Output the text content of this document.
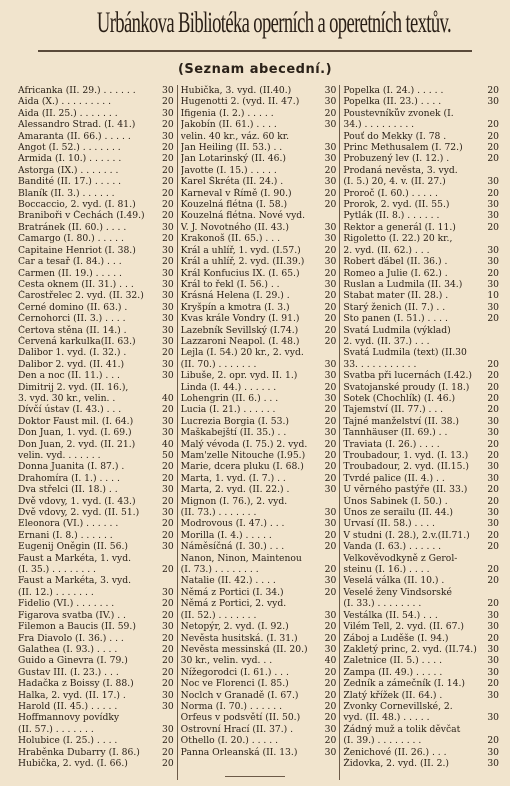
Urbánkova Bibliotéka operních a operetních textův.
(Seznam abecední.)
Africanka (II. 29.) . . . . . .	30
Aida (X.) . . . . . . . . .	20
Aida (II. 25.) . . . . . . .	30
Alessandro Strad. (I. 41.)	20
Amaranta (II. 66.) . . . . .	30
Angot (I. 52.) . . . . . . .	20
Armida (I. 10.) . . . . . .	20
Astorga (IX.) . . . . . . .	20
Bandité (II. 17.) . . . . .	20
Blaník (II. 3.) . . . . . .	20
Boccaccio, 2. vyd. (I. 81.)	20
Braniboři v Čechách (I.49.)	20
Bratránek (II. 60.) . . . .	30
Camargo (I. 80.) . . . . .	20
Capitaine Henriot (I. 38.)	30
Car a tesař (I. 84.) . . .	20
Carmen (II. 19.) . . . . .	30
Cesta oknem (II. 31.) . . .	30
Čarostřelec 2. vyd. (II. 32.)	30
Černé domino (II. 63.) .	30
Černohorci (II. 3.) . . . .	30
Čertova stěna (II. 14.) .	30
Červená karkulka(II. 63.)	30
Dalibor 1. vyd. (I. 32.) .	20
Dalibor 2. vyd. (II. 41.)	30
Den a noc (II. 11.) . . .	30
Dimitrij 2. vyd. (II. 16.),
3. vyd. 30 kr., velin. .	40
Dívčí ústav (I. 43.) . . .	20
Doktor Faust mil. (I. 64.)	30
Don Juan, 1. vyd. (I. 69.)	30
Don Juan, 2. vyd. (II. 21.)	40
velin. vyd. . . . . . .	50
Donna Juanita (I. 87.) .	20
Drahomíra (I. 1.) . . . .	20
Dva střelci (II. 18.) . .	30
Dvě vdovy, 1. vyd. (I. 43.)	20
Dvě vdovy, 2. vyd. (II. 51.)	30
Eleonora (VI.) . . . . . .	20
Ernani (I. 8.) . . . . . .	20
Eugenij Oněgin (II. 56.)	30
Faust a Markéta, 1. vyd.
(I. 35.) . . . . . . . .	20
Faust a Markéta, 3. vyd.
(II. 12.) . . . . . . .	30
Fidelio (VI.) . . . . . . .	20
Figarova svatba (IV.) . .	20
Filemon a Baucis (II. 59.)	30
Fra Diavolo (I. 36.) . . .	20
Galathea (I. 93.) . . . .	20
Guido a Ginevra (I. 79.)	20
Gustav III. (I. 23.) . . .	20
Hadačka z Boissy (I. 88.)	20
Halka, 2. vyd. (II. 17.) .	30
Harold (II. 45.) . . . . .	30
Hoffmannovy povídky
(II. 57.) . . . . . . .	30
Holubice (I. 25.) . . . .	20
Hraběnka Dubarry (I. 86.)	20
Hubička, 2. vyd. (I. 66.)	20
Hubička, 3. vyd. (II.40.)	30
Hugenotti 2. (vyd. II. 47.)	30
Ifigenia (I. 2.) . . . . .	20
Jakobín (II. 61.) . . . .	30
velin. 40 kr., váz. 60 kr.
Jan Heiling (II. 53.) . .	30
Jan Lotarinský (II. 46.)	30
Javotte (I. 15.) . . . . .	20
Karel Škréta (II. 24.) .	30
Karneval v Římě (I. 90.)	20
Kouzelná flétna (I. 58.)	20
Kouzelná flétna. Nové vyd.
V. J. Novotného (II. 43.)	30
Krakonoš (II. 65.) . . .	30
Král a uhlíř, 1. vyd. (I.57.)	20
Král a uhlíř, 2. vyd. (II.39.)	30
Král Konfucius IX. (I. 65.)	20
Král to řekl (I. 56.) . .	30
Krásná Helena (I. 29.) .	20
Kryšpín a kmotra (I. 3.)	20
Kvas krále Vondry (I. 91.)	20
Lazebník Sevillský (I.74.)	20
Lazzaroni Neapol. (I. 48.)	20
Lejla (I. 54.) 20 kr., 2. vyd.
(II. 70.) . . . . . . .	30
Libuše, 2. opr. vyd. II. 1.)	30
Linda (I. 44.) . . . . . .	20
Lohengrin (II. 6.) . . .	30
Lucia (I. 21.) . . . . . .	20
Lucrezia Borgia (I. 53.)	20
Maškabejští (II. 35.) . .	30
Malý vévoda (I. 75.) 2. vyd.	20
Mam'zelle Nitouche (I.95.)	20
Marie, dcera pluku (I. 68.)	20
Marta, 1. vyd. (I. 7.) . .	20
Marta, 2. vyd. (II. 22.) .	30
Mignon (I. 76.), 2. vyd.
(II. 73.) . . . . . . .	30
Modrovous (I. 47.) . . .	30
Morilla (I. 4.) . . . . .	20
Náměsíčná (I. 30.) . . .	20
Nanon, Ninon, Maintenou
(I. 73.) . . . . . . . .	20
Natalie (II. 42.) . . . .	30
Němá z Portici (I. 34.)	20
Němá z Portici, 2. vyd.
(II. 52.) . . . . . . .	30
Netopýr, 2. vyd. (I. 92.)	20
Nevěsta husitská. (I. 31.)	20
Nevěsta messinská (II. 20.)	30
30 kr., velin. vyd. . .	40
Nížegorodci (I. 61.) . . .	20
Noc ve Florenci (I. 85.)	20
Noclch v Granadě (I. 67.)	20
Norma (I. 70.) . . . . . .	20
Orfeus v podsvětí (II. 50.)	20
Ostrovní Hrací (II. 37.) .	30
Othello (I. 20.) . . . . .	20
Panna Orleanská (II. 13.)	30
Popelka (I. 24.) . . . . .	20
Popelka (II. 23.) . . . .	30
Poustevníkův zvonek (I.
34.) . . . . . . . . .	20
Pouť do Mekky (I. 78 .	20
Princ Methusalem (I. 72.)	20
Probuzený lev (I. 12.) .	20
Prodaná nevěsta, 3. vyd.
(I. 5.) 20, 4. v. (II. 27.)	30
Proroč (I. 60.) . . . . .	20
Prorok, 2. vyd. (II. 55.)	30
Pytlák (II. 8.) . . . . . .	30
Rektor a generál (I. 11.)	20
Rigoletto (I. 22.) 20 kr.,
2. vyd. (II. 62.) . . .	30
Robert ďábel (II. 36.) .	30
Romeo a Julie (I. 62.) .	20
Ruslan a Ludmila (II. 34.)	30
Stabat mater (II. 28.) .	10
Starý ženich (II. 7.) . .	30
Sto panen (I. 51.) . . . .	20
Svatá Ludmila (výklad)
2. vyd. (II. 37.) . . .
Svatá Ludmila (text) (II.30
33. . . . . . . . . . .	20
Svatba při lucernách (I.42.)	20
Svatojanské proudy (I. 18.)	20
Sotek (Chochlík) (I. 46.)	20
Tajemství (II. 77.) . . .	20
Tajné manželství (II. 38.)	30
Tannhäuser (II. 69.) . .	30
Traviata (I. 26.) . . . .	20
Troubadour, 1. vyd. (I. 13.)	20
Troubadour, 2. vyd. (II.15.)	30
Tvrdé palice (II. 4.) . .	30
U věrného pastýře (II. 33.)	20
Únos Sabinek (I. 50.) .	20
Únos ze serailu (II. 44.)	30
Urvasí (II. 58.) . . . .	30
V studni (I. 28.), 2.v.(II.71.)	20
Vanda (I. 63.) . . . . . .	20
Velkověvodkyně z Gerol-
steinu (I. 16.) . . . .	20
Veselá válka (II. 10.) .	20
Veselé ženy Vindsorské
(I. 33.) . . . . . . . .	20
Vestálka (II. 54.) . . .	30
Vilém Tell, 2. vyd. (II. 67.)	30
Záboj a Luděše (I. 94.)	20
Zakletý princ, 2. vyd. (II.74.)	30
Zaletnice (II. 5.) . . . .	30
Zampa (II. 49.) . . . . .	30
Zedník a zámečník (I. 14.)	20
Zlatý křížek (II. 64.) .	30
Zvonky Cornevillské, 2.
vyd. (II. 48.) . . . . .	30
Žádný muž a tolik děvčat
(I. 39.) . . . . . . . .	20
Ženichové (II. 26.) . . .	30
Židovka, 2. vyd. (II. 2.)	30
